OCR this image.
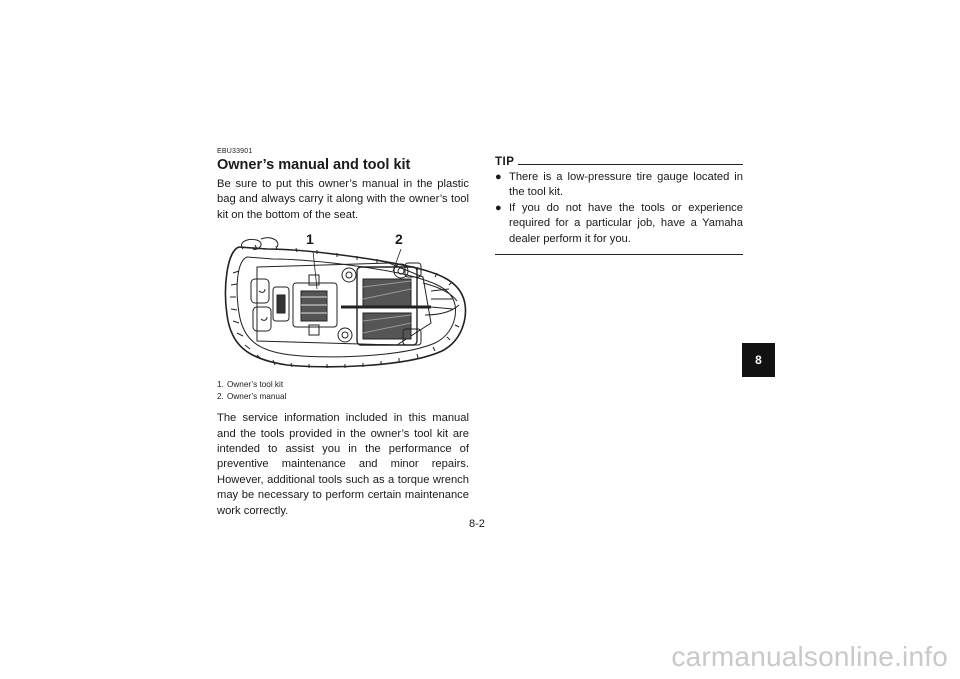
EBU33901
Owner’s manual and tool kit

Be sure to put this owner’s manual in the plastic bag and always carry it along with the owner’s tool kit on the bottom of the seat.

1	2
1. Owner’s tool kit
2. Owner’s manual

The service information included in this manual and the tools provided in the owner’s tool kit are intended to assist you in the performance of preventive maintenance and minor repairs. However, additional tools such as a torque wrench may be necessary to perform certain maintenance work correctly.

TIP
● There is a low-pressure tire gauge located in the tool kit.
● If you do not have the tools or experience required for a particular job, have a Yamaha dealer perform it for you.
8-2
8
carmanualsonline.info
